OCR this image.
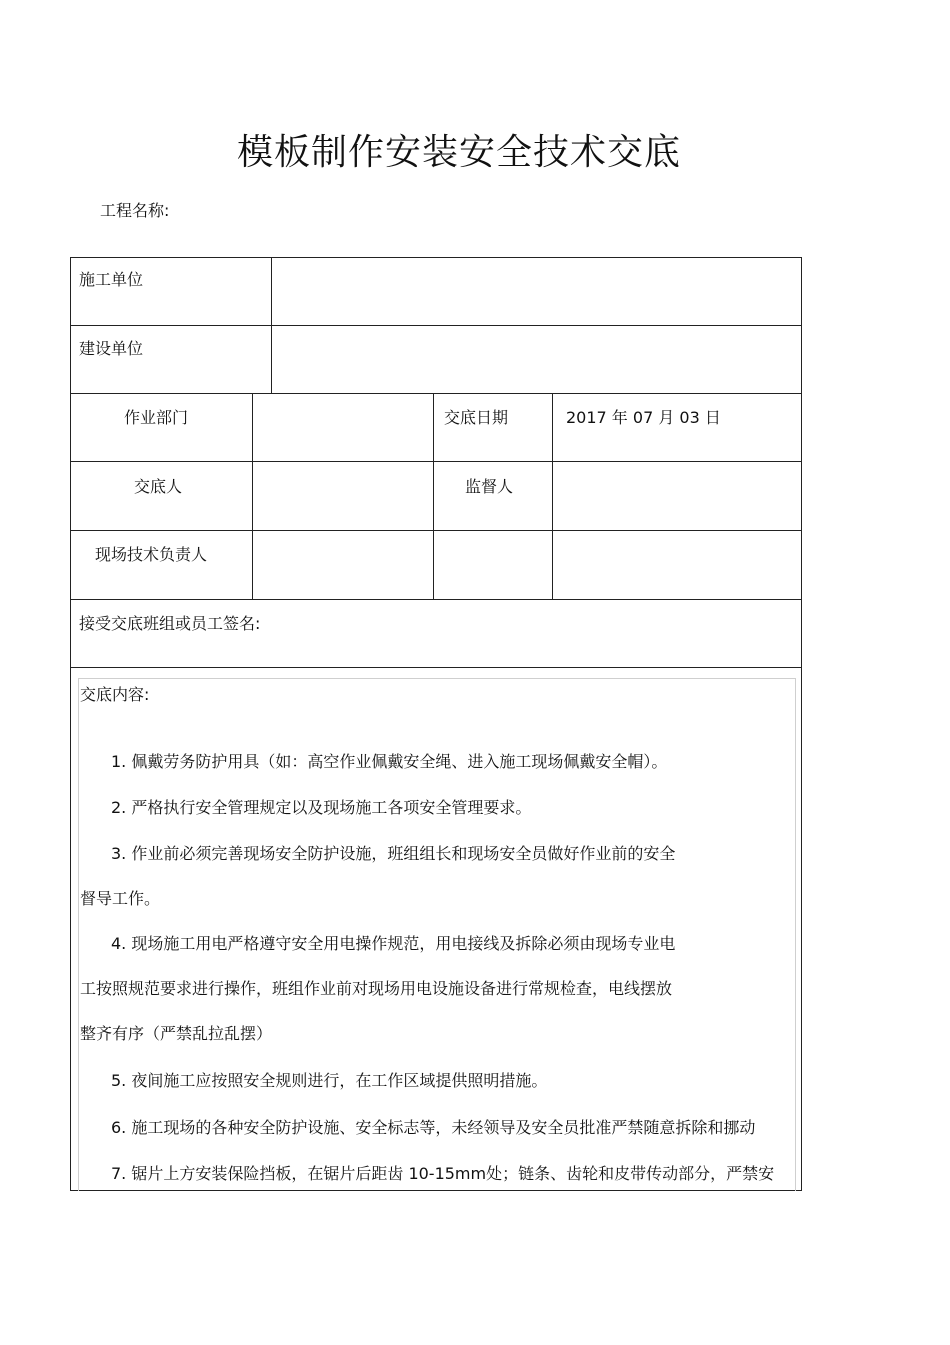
模板制作安装安全技术交底
工程名称:
施工单位
建设单位
作业部门	交底日期	2017 年 07 月 03 日
交底人	监督人
现场技术负责人
接受交底班组或员工签名:
交底内容:
1. 佩戴劳务防护用具（如：高空作业佩戴安全绳、进入施工现场佩戴安全帽）。
2. 严格执行安全管理规定以及现场施工各项安全管理要求。
3. 作业前必须完善现场安全防护设施，班组组长和现场安全员做好作业前的安全
督导工作。
4. 现场施工用电严格遵守安全用电操作规范，用电接线及拆除必须由现场专业电
工按照规范要求进行操作，班组作业前对现场用电设施设备进行常规检查，电线摆放
整齐有序（严禁乱拉乱摆）
5. 夜间施工应按照安全规则进行，在工作区域提供照明措施。
6. 施工现场的各种安全防护设施、安全标志等，未经领导及安全员批准严禁随意拆除和挪动
7. 锯片上方安装保险挡板，在锯片后距齿 10-15mm处；链条、齿轮和皮带传动部分，严禁安
